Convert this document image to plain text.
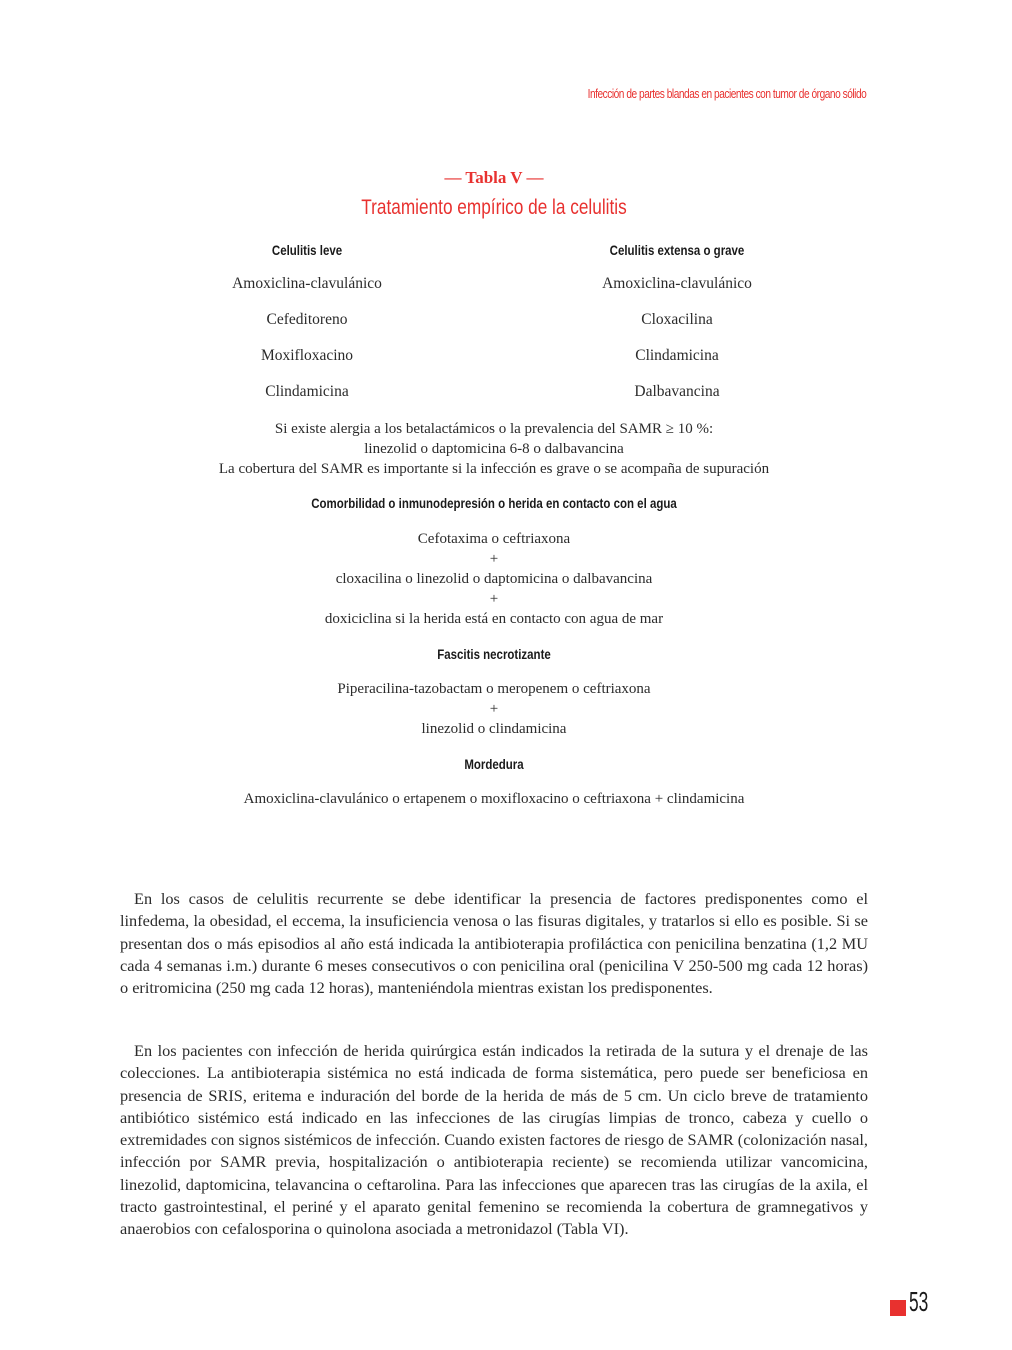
Infección de partes blandas en pacientes con tumor de órgano sólido
— Tabla V —
Tratamiento empírico de la celulitis
Celulitis leve	Celulitis extensa o grave
Amoxiclina-clavulánico
Cefeditoreno
Moxifloxacino
Clindamicina
Amoxiclina-clavulánico
Cloxacilina
Clindamicina
Dalbavancina
Si existe alergia a los betalactámicos o la prevalencia del SAMR ≥ 10 %:
linezolid o daptomicina 6-8 o dalbavancina
La cobertura del SAMR es importante si la infección es grave o se acompaña de supuración
Comorbilidad o inmunodepresión o herida en contacto con el agua
Cefotaxima o ceftriaxona
+
cloxacilina o linezolid o daptomicina o dalbavancina
+
doxiciclina si la herida está en contacto con agua de mar
Fascitis necrotizante
Piperacilina-tazobactam o meropenem o ceftriaxona
+
linezolid o clindamicina
Mordedura
Amoxiclina-clavulánico o ertapenem o moxifloxacino o ceftriaxona + clindamicina

En los casos de celulitis recurrente se debe identificar la presencia de factores predisponentes como el linfedema, la obesidad, el eccema, la insuficiencia venosa o las fisuras digitales, y tratarlos si ello es posible. Si se presentan dos o más episodios al año está indicada la antibioterapia profiláctica con penicilina benzatina (1,2 MU cada 4 semanas i.m.) durante 6 meses consecutivos o con penicilina oral (penicilina V 250-500 mg cada 12 horas) o eritromicina (250 mg cada 12 horas), manteniéndola mientras existan los predisponentes.

En los pacientes con infección de herida quirúrgica están indicados la retirada de la sutura y el drenaje de las colecciones. La antibioterapia sistémica no está indicada de forma sistemática, pero puede ser beneficiosa en presencia de SRIS, eritema e induración del borde de la herida de más de 5 cm. Un ciclo breve de tratamiento antibiótico sistémico está indicado en las infecciones de las cirugías limpias de tronco, cabeza y cuello o extremidades con signos sistémicos de infección. Cuando existen factores de riesgo de SAMR (colonización nasal, infección por SAMR previa, hospitalización o antibioterapia reciente) se recomienda utilizar vancomicina, linezolid, daptomicina, telavancina o ceftarolina. Para las infecciones que aparecen tras las cirugías de la axila, el tracto gastrointestinal, el periné y el aparato genital femenino se recomienda la cobertura de gramnegativos y anaerobios con cefalosporina o quinolona asociada a metronidazol (Tabla VI).

53
